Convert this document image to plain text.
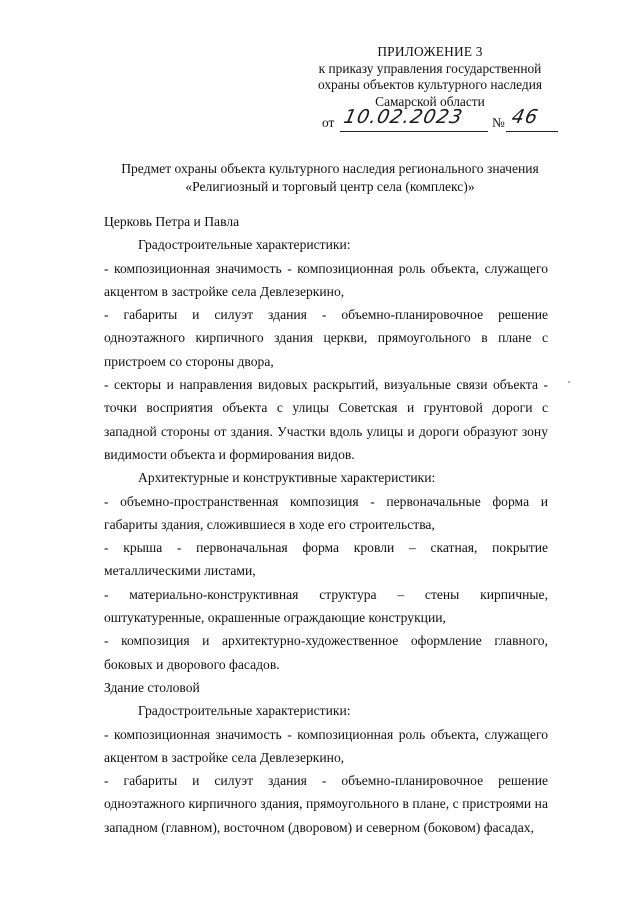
ПРИЛОЖЕНИЕ 3
к приказу управления государственной
охраны объектов культурного наследия
Самарской области
от 10.02.2023 № 46
Предмет охраны объекта культурного наследия регионального значения
«Религиозный и торговый центр села (комплекс)»

Церковь Петра и Павла

Градостроительные характеристики:

- композиционная значимость - композиционная роль объекта, служащего акцентом в застройке села Девлезеркино,

- габариты и силуэт здания - объемно-планировочное решение одноэтажного кирпичного здания церкви, прямоугольного в плане с пристроем со стороны двора,

- секторы и направления видовых раскрытий, визуальные связи объекта - точки восприятия объекта с улицы Советская и грунтовой дороги с западной стороны от здания. Участки вдоль улицы и дороги образуют зону видимости объекта и формирования видов.

Архитектурные и конструктивные характеристики:

- объемно-пространственная композиция - первоначальные форма и габариты здания, сложившиеся в ходе его строительства,

- крыша - первоначальная форма кровли – скатная, покрытие металлическими листами,

- материально-конструктивная структура – стены кирпичные, оштукатуренные, окрашенные ограждающие конструкции,

- композиция и архитектурно-художественное оформление главного, боковых и дворового фасадов.

Здание столовой

Градостроительные характеристики:

- композиционная значимость - композиционная роль объекта, служащего акцентом в застройке села Девлезеркино,

- габариты и силуэт здания - объемно-планировочное решение одноэтажного кирпичного здания, прямоугольного в плане, с пристроями на западном (главном), восточном (дворовом) и северном (боковом) фасадах,
